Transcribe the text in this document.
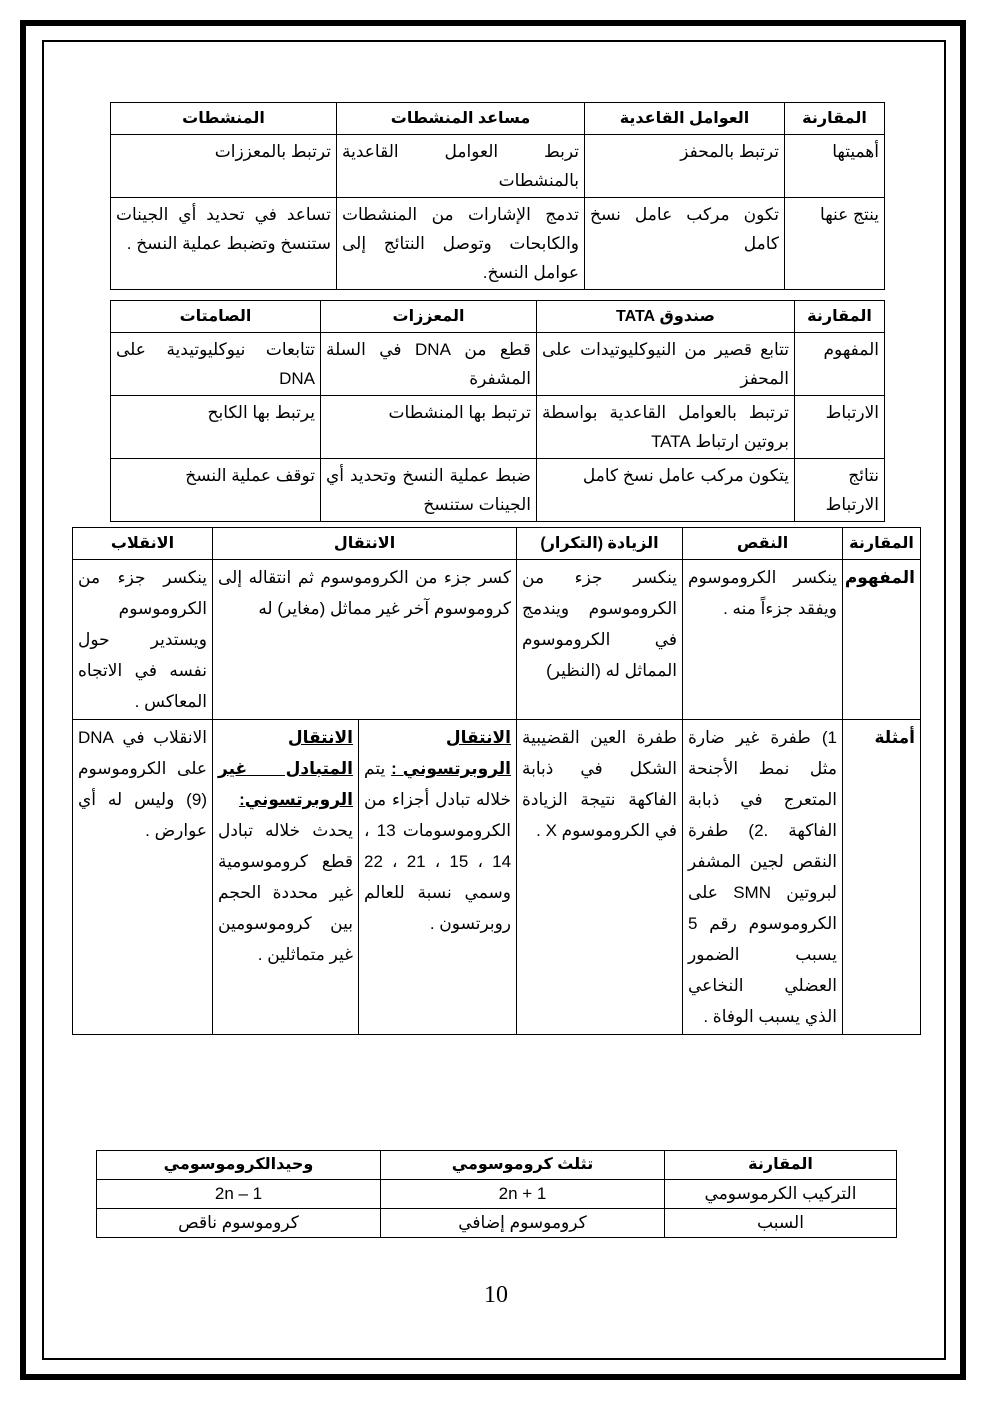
المقارنة	العوامل القاعدية	مساعد المنشطات	المنشطات
أهميتها	ترتبط بالمحفز	تربط العوامل القاعدية بالمنشطات	ترتبط بالمعززات
ينتج عنها	تكون مركب عامل نسخ كامل	تدمج الإشارات من المنشطات والكابحات وتوصل النتائج إلى عوامل النسخ.	تساعد في تحديد أي الجينات ستنسخ وتضبط عملية النسخ .
المقارنة	صندوق TATA	المعززات	الصامتات
المفهوم	تتابع قصير من النيوكليوتيدات على المحفز	قطع من DNA في السلة المشفرة	تتابعات نيوكليوتيدية على DNA
الارتباط	ترتبط بالعوامل القاعدية بواسطة بروتين ارتباط TATA	ترتبط بها المنشطات	يرتبط بها الكابح
نتائج الارتباط	يتكون مركب عامل نسخ كامل	ضبط عملية النسخ وتحديد أي الجينات ستنسخ	توقف عملية النسخ
المقارنة	النقص	الزيادة (التكرار)	الانتقال		الانقلاب
المفهوم	ينكسر الكروموسوم ويفقد جزءاً منه .	ينكسر جزء من الكروموسوم ويندمج في الكروموسوم المماثل له (النظير)	كسر جزء من الكروموسوم ثم انتقاله إلى كروموسوم آخر غير مماثل (مغاير) له		ينكسر جزء من الكروموسوم ويستدير حول نفسه في الاتجاه المعاكس .
أمثلة	1) طفرة غير ضارة مثل نمط الأجنحة المتعرج في ذبابة الفاكهة .2) طفرة النقص لجين المشفر لبروتين SMN على الكروموسوم رقم 5 يسبب الضمور العضلي النخاعي الذي يسبب الوفاة .	طفرة العين القضيبية الشكل في ذبابة الفاكهة نتيجة الزيادة في الكروموسوم X .	الانتقال الروبرتسوني : يتم خلاله تبادل أجزاء من الكروموسومات 13 ، 14 ، 15 ، 21 ، 22 وسمي نسبة للعالم روبرتسون .	الانتقال المتبادل غير الروبرتسوني: يحدث خلاله تبادل قطع كروموسومية غير محددة الحجم بين كروموسومين غير متماثلين .	الانقلاب في DNA على الكروموسوم (9) وليس له أي عوارض .
المقارنة	تثلث كروموسومي	وحيدالكروموسومي
التركيب الكرموسومي	2n + 1	2n – 1
السبب	كروموسوم إضافي	كروموسوم ناقص
10
